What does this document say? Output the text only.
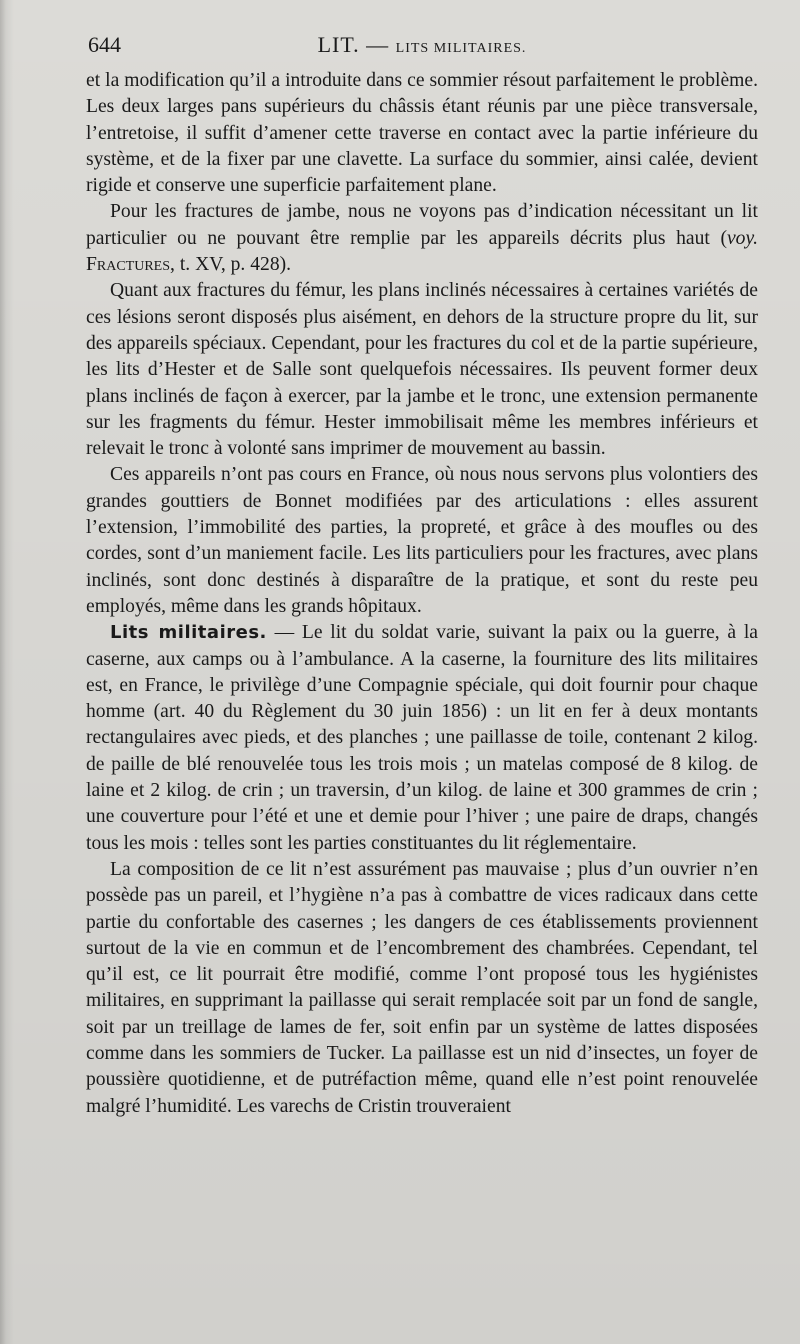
644	LIT. — LITS MILITAIRES.

et la modification qu’il a introduite dans ce sommier résout parfaitement le problème. Les deux larges pans supérieurs du châssis étant réunis par une pièce transversale, l’entretoise, il suffit d’amener cette traverse en contact avec la partie inférieure du système, et de la fixer par une clavette. La surface du sommier, ainsi calée, devient rigide et conserve une superficie parfaitement plane.

Pour les fractures de jambe, nous ne voyons pas d’indication nécessitant un lit particulier ou ne pouvant être remplie par les appareils décrits plus haut (voy. Fractures, t. XV, p. 428).

Quant aux fractures du fémur, les plans inclinés nécessaires à certaines variétés de ces lésions seront disposés plus aisément, en dehors de la structure propre du lit, sur des appareils spéciaux. Cependant, pour les fractures du col et de la partie supérieure, les lits d’Hester et de Salle sont quelquefois nécessaires. Ils peuvent former deux plans inclinés de façon à exercer, par la jambe et le tronc, une extension permanente sur les fragments du fémur. Hester immobilisait même les membres inférieurs et relevait le tronc à volonté sans imprimer de mouvement au bassin.

Ces appareils n’ont pas cours en France, où nous nous servons plus volontiers des grandes gouttiers de Bonnet modifiées par des articulations : elles assurent l’extension, l’immobilité des parties, la propreté, et grâce à des moufles ou des cordes, sont d’un maniement facile. Les lits particuliers pour les fractures, avec plans inclinés, sont donc destinés à disparaître de la pratique, et sont du reste peu employés, même dans les grands hôpitaux.

Lits militaires. — Le lit du soldat varie, suivant la paix ou la guerre, à la caserne, aux camps ou à l’ambulance. A la caserne, la fourniture des lits militaires est, en France, le privilège d’une Compagnie spéciale, qui doit fournir pour chaque homme (art. 40 du Règlement du 30 juin 1856) : un lit en fer à deux montants rectangulaires avec pieds, et des planches ; une paillasse de toile, contenant 2 kilog. de paille de blé renouvelée tous les trois mois ; un matelas composé de 8 kilog. de laine et 2 kilog. de crin ; un traversin, d’un kilog. de laine et 300 grammes de crin ; une couverture pour l’été et une et demie pour l’hiver ; une paire de draps, changés tous les mois : telles sont les parties constituantes du lit réglementaire.

La composition de ce lit n’est assurément pas mauvaise ; plus d’un ouvrier n’en possède pas un pareil, et l’hygiène n’a pas à combattre de vices radicaux dans cette partie du confortable des casernes ; les dangers de ces établissements proviennent surtout de la vie en commun et de l’encombrement des chambrées. Cependant, tel qu’il est, ce lit pourrait être modifié, comme l’ont proposé tous les hygiénistes militaires, en supprimant la paillasse qui serait remplacée soit par un fond de sangle, soit par un treillage de lames de fer, soit enfin par un système de lattes disposées comme dans les sommiers de Tucker. La paillasse est un nid d’insectes, un foyer de poussière quotidienne, et de putréfaction même, quand elle n’est point renouvelée malgré l’humidité. Les varechs de Cristin trouveraient
